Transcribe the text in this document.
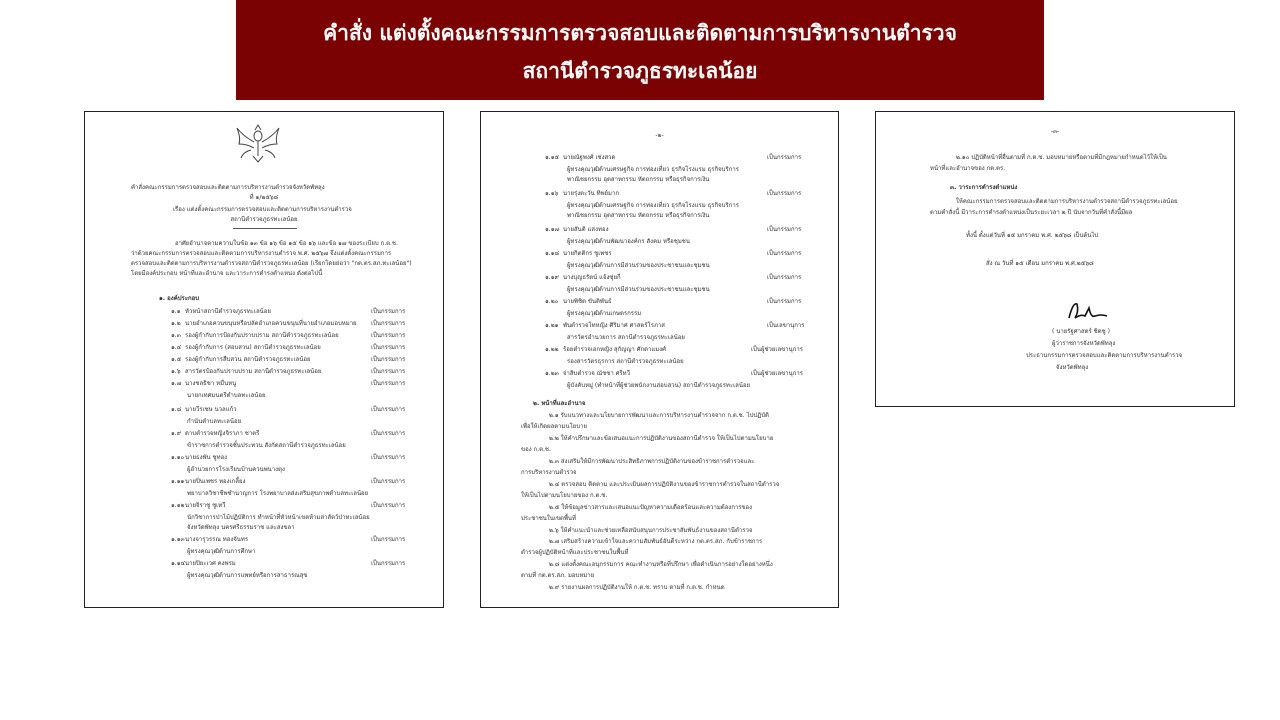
คำสั่ง แต่งตั้งคณะกรรมการตรวจสอบและติดตามการบริหารงานตำรวจ
สถานีตำรวจภูธรทะเลน้อย
คำสั่งคณะกรรมการตรวจสอบและติดตามการบริหารงานตำรวจจังหวัดพัทลุง
ที่ ๑/๒๕๖๘
เรื่อง แต่งตั้งคณะกรรมการตรวจสอบและติดตามการบริหารงานตำรวจ
สถานีตำรวจภูธรทะเลน้อย
อาศัยอำนาจตามความในข้อ ๑๓ ข้อ ๑๖ ข้อ ๑๕ ข้อ ๑๖ และข้อ ๑๗ ของระเบียบ ก.ต.ช.
ว่าด้วยคณะกรรมการตรวจสอบและติดตามการบริหารงานตำรวจ พ.ศ. ๒๕๖๗ จึงแต่งตั้งคณะกรรมการ
ตรวจสอบและติดตามการบริหารงานตำรวจสถานีตำรวจภูธรทะเลน้อย (เรียกโดยย่อว่า "กต.ตร.สภ.ทะเลน้อย")
โดยมีองค์ประกอบ หน้าที่และอำนาจ และวาระการดำรงตำแหน่ง ดังต่อไปนี้
๑. องค์ประกอบ
๑.๑ หัวหน้าสถานีตำรวจภูธรทะเลน้อย	เป็นกรรมการ
๑.๒ นายอำเภอควนขนุนหรือปลัดอำเภอควนขนุนที่นายอำเภอมอบหมาย เป็นกรรมการ
๑.๓ รองผู้กำกับการป้องกันปราบปราม สถานีตำรวจภูธรทะเลน้อย	เป็นกรรมการ
๑.๔ รองผู้กำกับการ (สอบสวน) สถานีตำรวจภูธรทะเลน้อย	เป็นกรรมการ
๑.๕ รองผู้กำกับการสืบสวน สถานีตำรวจภูธรทะเลน้อย	เป็นกรรมการ
๑.๖ สารวัตรป้องกันปราบปราม สถานีตำรวจภูธรทะเลน้อย	เป็นกรรมการ
๑.๗ นางชลธิชา หมื่นหนู	เป็นกรรมการ
นายกเทศมนตรีตำบลทะเลน้อย
๑.๘ นายวีรเชษ นวลแก้ว	เป็นกรรมการ
กำนันตำบลทะเลน้อย
๑.๙ ดาบตำรวจหญิงจิราภา ชาตรี	เป็นกรรมการ
ข้าราชการตำรวจชั้นประทวน สังกัดสถานีตำรวจภูธรทะเลน้อย
๑.๑๐ นายธงพัน ชูทอง	เป็นกรรมการ
ผู้อำนวยการโรงเรียนบ้านควนพนางตุง
๑.๑๑ นายปิ่นเพชร ทองเกลี้ยง	เป็นกรรมการ
พยาบาลวิชาชีพชำนาญการ โรงพยาบาลส่งเสริมสุขภาพตำบลทะเลน้อย
๑.๑๒ นายจิราชู ชูเทวี	เป็นกรรมการ
นักวิชาการป่าไม้ปฏิบัติการ ทำหน้าที่หัวหน้าเขตห้ามล่าสัตว์ป่าทะเลน้อย
จังหวัดพัทลุง นครศรีธรรมราช และสงขลา
๑.๑๓ นางจารุวรรณ ทองจันทร	เป็นกรรมการ
ผู้ทรงคุณวุฒิด้านการศึกษา
๑.๑๔ นายปิยะเวศ คงพรม	เป็นกรรมการ
ผู้ทรงคุณวุฒิด้านการแพทย์หรือการสาธารณสุข
-๒-
๑.๑๕ นายณัฐพงศ์ เช่งสวด	เป็นกรรมการ
ผู้ทรงคุณวุฒิด้านเศรษฐกิจ การท่องเที่ยว ธุรกิจโรงแรม ธุรกิจบริการ
พาณิชยกรรม อุตสาหกรรม หัตถกรรม หรือธุรกิจการเงิน
๑.๑๖ นายรุ่งตะวัน ทิพย์มาก	เป็นกรรมการ
ผู้ทรงคุณวุฒิด้านเศรษฐกิจ การท่องเที่ยว ธุรกิจโรงแรม ธุรกิจบริการ
พาณิชยกรรม อุตสาหกรรม หัตถกรรม หรือธุรกิจการเงิน
๑.๑๗ นายสันติ แสงทอง	เป็นกรรมการ
ผู้ทรงคุณวุฒิด้านพัฒนาองค์กร สังคม หรือชุมชน
๑.๑๘ นายกิตติกร ชูเพชร	เป็นกรรมการ
ผู้ทรงคุณวุฒิด้านการมีส่วนร่วมของประชาชนและชุมชน
๑.๑๙ นางบุญธรัตน์ แจ้งซุ่ยกี่	เป็นกรรมการ
ผู้ทรงคุณวุฒิด้านการมีส่วนร่วมของประชาชนและชุมชน
๑.๒๐ นายพิชิต ขันติพันธ์	เป็นกรรมการ
ผู้ทรงคุณวุฒิด้านเกษตรกรรม
๑.๒๑ พันตำรวจโทหญิง ศิริมาศ ศาสตร์โรภาส	เป็นเลขานุการ
สารวัตรอำนวยการ สถานีตำรวจภูธรทะเลน้อย
๑.๒๒ ร้อยตำรวจเอกหญิง สุกัญญา ศักดาแมงศ์	เป็นผู้ช่วยเลขานุการ
รองสารวัตรธุรการ สถานีตำรวจภูธรทะเลน้อย
๑.๒๓ จ่าสิบตำรวจ ณัชชา ศรีทวี	เป็นผู้ช่วยเลขานุการ
ผู้บังคับหมู่ (ทำหน้าที่ผู้ช่วยพนักงานสอบสวน) สถานีตำรวจภูธรทะเลน้อย
๒. หน้าที่และอำนาจ
๒.๑ รับแนวทางและนโยบายการพัฒนาและการบริหารงานตำรวจจาก ก.ต.ช. ไปปฏิบัติ
เพื่อให้เกิดผลตามนโยบาย
๒.๒ ให้คำปรึกษาและข้อเสนอแนะการปฏิบัติงานของสถานีตำรวจ ให้เป็นไปตามนโยบาย
ของ ก.ต.ช.
๒.๓ ส่งเสริมให้มีการพัฒนาประสิทธิภาพการปฏิบัติงานของข้าราชการตำรวจและ
การบริหารงานตำรวจ
๒.๔ ตรวจสอบ ติดตาม และประเมินผลการปฏิบัติงานของข้าราชการตำรวจในสถานีตำรวจ
ให้เป็นไปตามนโยบายของ ก.ต.ช.
๒.๕ ให้ข้อมูลข่าวสารและเสนอแนะปัญหาความเดือดร้อนและความต้องการของ
ประชาชนในเขตพื้นที่
๒.๖ ให้คำแนะนำและช่วยเหลือสนับสนุนการประชาสัมพันธ์งานของสถานีตำรวจ
๒.๗ เสริมสร้างความเข้าใจและความสัมพันธ์อันดีระหว่าง กต.ตร.สภ. กับข้าราชการ
ตำรวจผู้ปฏิบัติหน้าที่และประชาชนในพื้นที่
๒.๘ แต่งตั้งคณะอนุกรรมการ คณะทำงานหรือที่ปรึกษา เพื่อดำเนินการอย่างใดอย่างหนึ่ง
ตามที่ กต.ตร.สภ. มอบหมาย
๒.๙ รายงานผลการปฏิบัติงานให้ ก.ต.ช. ทราบ ตามที่ ก.ต.ช. กำหนด
-๓-
๒.๑๐ ปฏิบัติหน้าที่อื่นตามที่ ก.ต.ช. มอบหมายหรือตามที่มีกฎหมายกำหนดไว้ให้เป็น
หน้าที่และอำนาจของ กต.ตร.
๓. วาระการดำรงตำแหน่ง
ให้คณะกรรมการตรวจสอบและติดตามการบริหารงานตำรวจสถานีตำรวจภูธรทะเลน้อย
ตามคำสั่งนี้ มีวาระการดำรงตำแหน่งเป็นระยะเวลา ๒ ปี นับจากวันที่คำสั่งนี้มีผล
ทั้งนี้ ตั้งแต่วันที่ ๑๕ มกราคม พ.ศ. ๒๕๖๘ เป็นต้นไป
สั่ง ณ วันที่ ๑๕ เดือน มกราคม พ.ศ.๒๕๖๘
( นายรัฐศาสตร์ ชิดชู )
ผู้ว่าราชการจังหวัดพัทลุง
ประธานกรรมการตรวจสอบและติดตามการบริหารงานตำรวจ
จังหวัดพัทลุง
